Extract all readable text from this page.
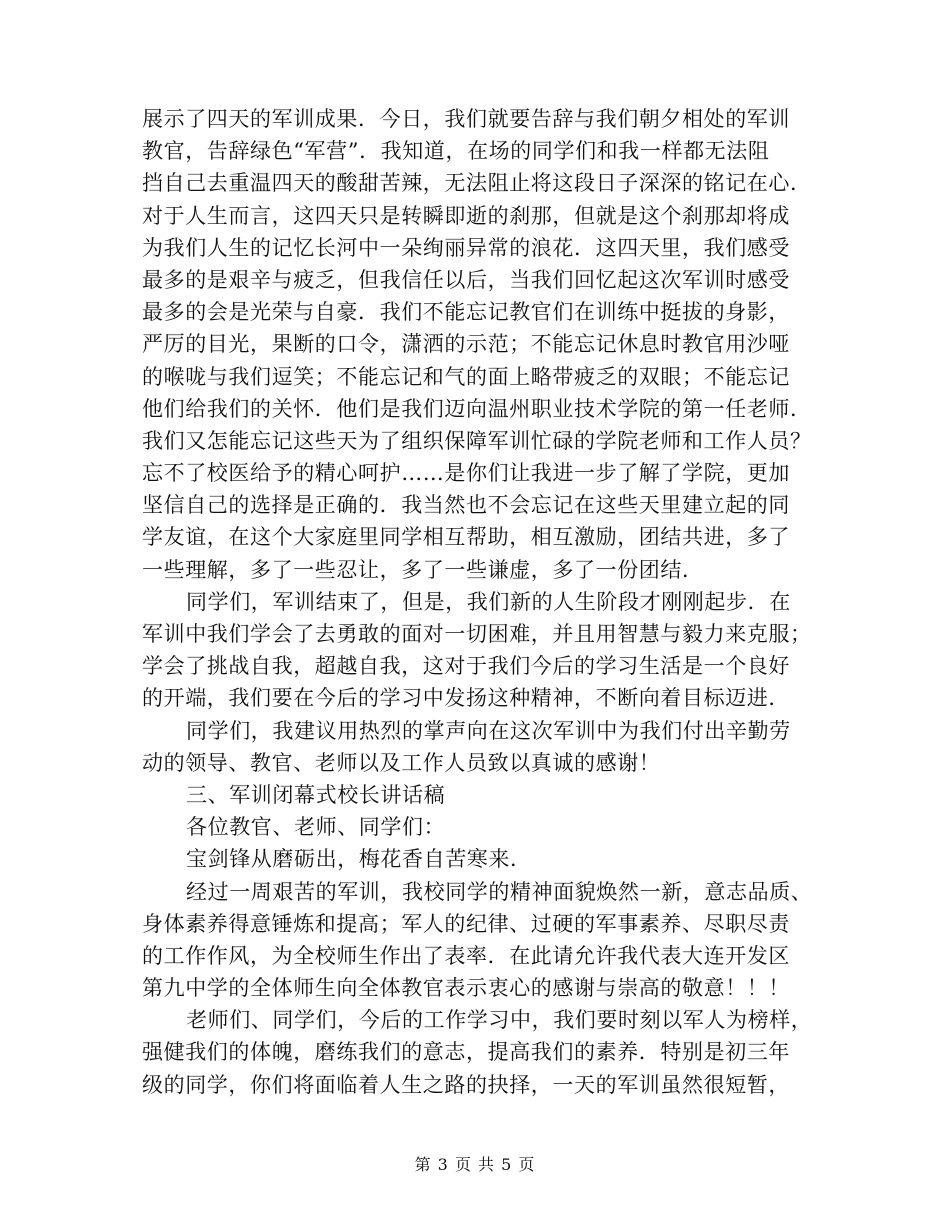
展示了四天的军训成果．今日，我们就要告辞与我们朝夕相处的军训
教官，告辞绿色“军营”．我知道，在场的同学们和我一样都无法阻
挡自己去重温四天的酸甜苦辣，无法阻止将这段日子深深的铭记在心．
对于人生而言，这四天只是转瞬即逝的刹那，但就是这个刹那却将成
为我们人生的记忆长河中一朵绚丽异常的浪花．这四天里，我们感受
最多的是艰辛与疲乏，但我信任以后，当我们回忆起这次军训时感受
最多的会是光荣与自豪．我们不能忘记教官们在训练中挺拔的身影，
严厉的目光，果断的口令，潇洒的示范；不能忘记休息时教官用沙哑
的喉咙与我们逗笑；不能忘记和气的面上略带疲乏的双眼；不能忘记
他们给我们的关怀．他们是我们迈向温州职业技术学院的第一任老师．
我们又怎能忘记这些天为了组织保障军训忙碌的学院老师和工作人员？
忘不了校医给予的精心呵护……是你们让我进一步了解了学院，更加
坚信自己的选择是正确的．我当然也不会忘记在这些天里建立起的同
学友谊，在这个大家庭里同学相互帮助，相互激励，团结共进，多了
一些理解，多了一些忍让，多了一些谦虚，多了一份团结．
同学们，军训结束了，但是，我们新的人生阶段才刚刚起步．在
军训中我们学会了去勇敢的面对一切困难，并且用智慧与毅力来克服；
学会了挑战自我，超越自我，这对于我们今后的学习生活是一个良好
的开端，我们要在今后的学习中发扬这种精神，不断向着目标迈进．
同学们，我建议用热烈的掌声向在这次军训中为我们付出辛勤劳
动的领导、教官、老师以及工作人员致以真诚的感谢！
三、军训闭幕式校长讲话稿
各位教官、老师、同学们：
宝剑锋从磨砺出，梅花香自苦寒来．
经过一周艰苦的军训，我校同学的精神面貌焕然一新，意志品质、
身体素养得意锤炼和提高；军人的纪律、过硬的军事素养、尽职尽责
的工作作风，为全校师生作出了表率．在此请允许我代表大连开发区
第九中学的全体师生向全体教官表示衷心的感谢与崇高的敬意！！！
老师们、同学们，今后的工作学习中，我们要时刻以军人为榜样，
强健我们的体魄，磨练我们的意志，提高我们的素养．特别是初三年
级的同学，你们将面临着人生之路的抉择，一天的军训虽然很短暂，
第 3 页 共 5 页
